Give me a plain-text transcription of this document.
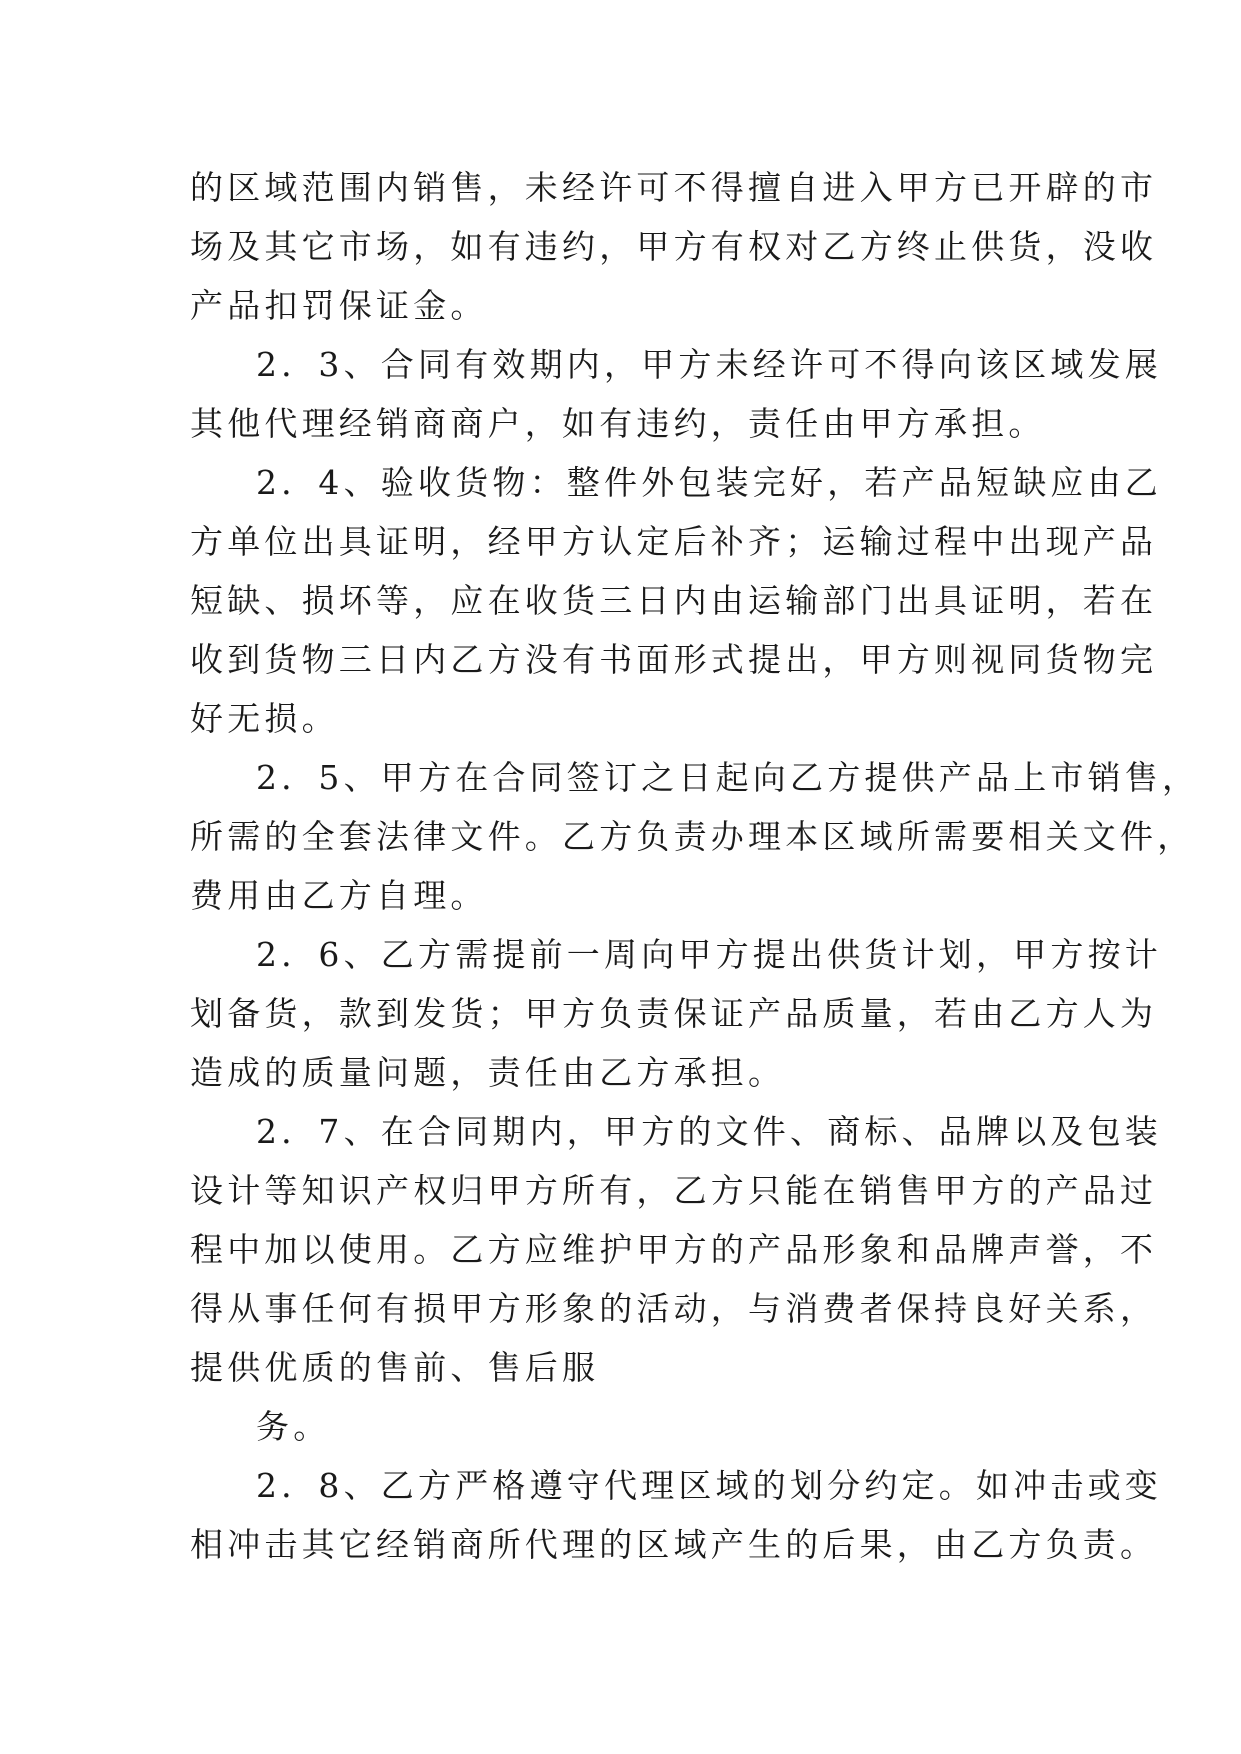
的区域范围内销售，未经许可不得擅自进入甲方已开辟的市
场及其它市场，如有违约，甲方有权对乙方终止供货，没收
产品扣罚保证金。
2．3、合同有效期内，甲方未经许可不得向该区域发展
其他代理经销商商户，如有违约，责任由甲方承担。
2．4、验收货物：整件外包装完好，若产品短缺应由乙
方单位出具证明，经甲方认定后补齐；运输过程中出现产品
短缺、损坏等，应在收货三日内由运输部门出具证明，若在
收到货物三日内乙方没有书面形式提出，甲方则视同货物完
好无损。
2．5、甲方在合同签订之日起向乙方提供产品上市销售，
所需的全套法律文件。乙方负责办理本区域所需要相关文件，
费用由乙方自理。
2．6、乙方需提前一周向甲方提出供货计划，甲方按计
划备货，款到发货；甲方负责保证产品质量，若由乙方人为
造成的质量问题，责任由乙方承担。
2．7、在合同期内，甲方的文件、商标、品牌以及包装
设计等知识产权归甲方所有，乙方只能在销售甲方的产品过
程中加以使用。乙方应维护甲方的产品形象和品牌声誉，不
得从事任何有损甲方形象的活动，与消费者保持良好关系，
提供优质的售前、售后服
务。
2．8、乙方严格遵守代理区域的划分约定。如冲击或变
相冲击其它经销商所代理的区域产生的后果，由乙方负责。
